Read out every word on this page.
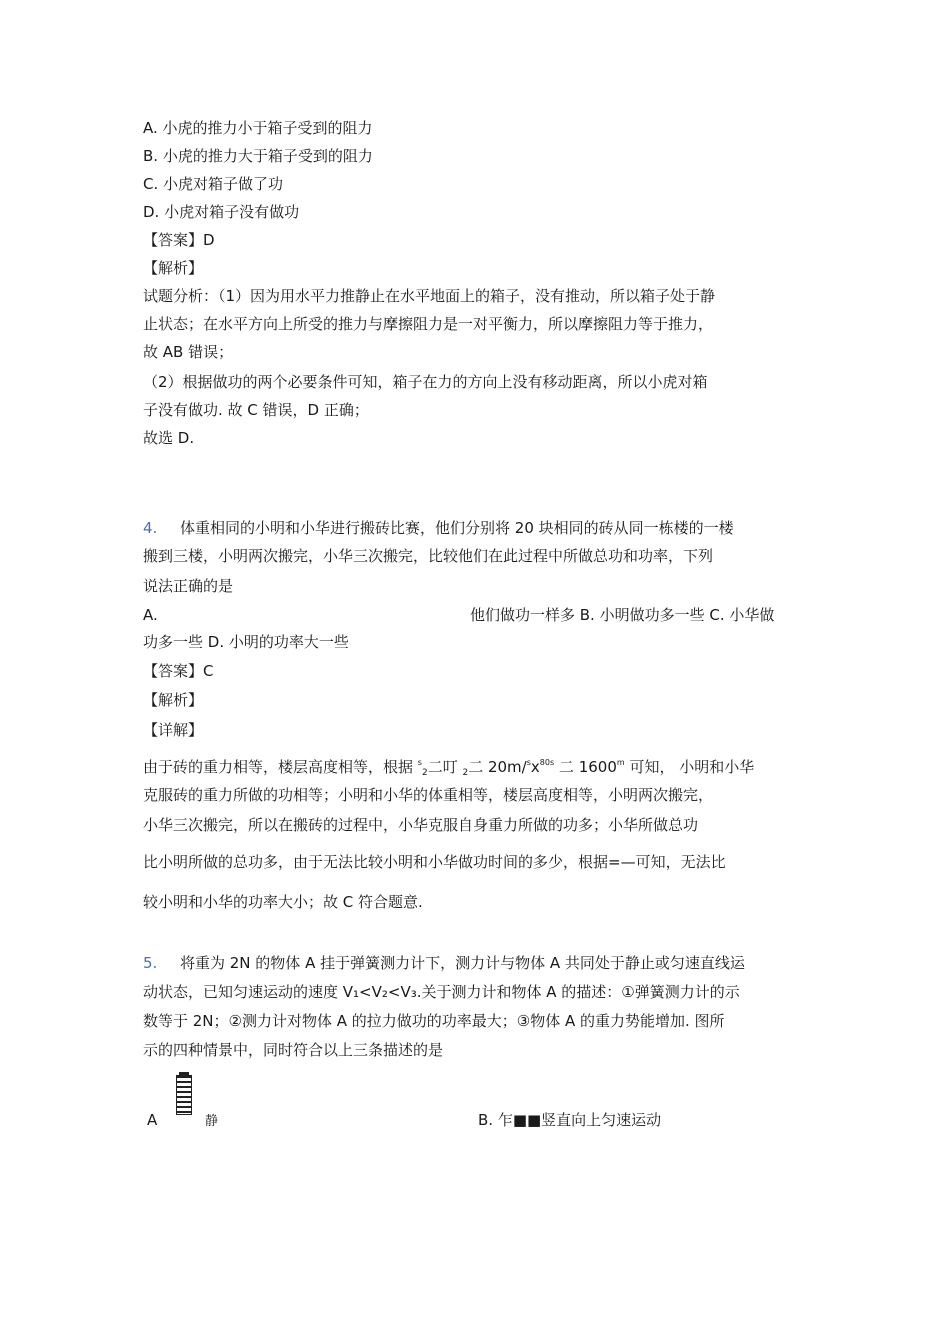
A. 小虎的推力小于箱子受到的阻力
B. 小虎的推力大于箱子受到的阻力
C. 小虎对箱子做了功
D. 小虎对箱子没有做功
【答案】D
【解析】
试题分析：（1）因为用水平力推静止在水平地面上的箱子，没有推动，所以箱子处于静
止状态；在水平方向上所受的推力与摩擦阻力是一对平衡力，所以摩擦阻力等于推力，
故 AB 错误；
（2）根据做功的两个必要条件可知，箱子在力的方向上没有移动距离，所以小虎对箱
子没有做功. 故 C 错误，D 正确；
故选 D.
4. 体重相同的小明和小华进行搬砖比赛，他们分别将 20 块相同的砖从同一栋楼的一楼
搬到三楼，小明两次搬完，小华三次搬完，比较他们在此过程中所做总功和功率，下列
说法正确的是
A.	他们做功一样多 B. 小明做功多一些 C. 小华做
功多一些 D. 小明的功率大一些
【答案】C
【解析】
【详解】
由于砖的重力相等，楼层高度相等，根据 $^s_2$二叮 $_2$二 $20m/^sx^{80s}$ 二 1600$^m$ 可知， 小明和小华
克服砖的重力所做的功相等；小明和小华的体重相等，楼层高度相等，小明两次搬完，
小华三次搬完，所以在搬砖的过程中，小华克服自身重力所做的功多；小华所做总功
比小明所做的总功多，由于无法比较小明和小华做功时间的多少，根据=—可知，无法比
较小明和小华的功率大小；故 C 符合题意.
5. 将重为 2N 的物体 A 挂于弹簧测力计下，测力计与物体 A 共同处于静止或匀速直线运
动状态，已知匀速运动的速度 V₁<V₂<V₃.关于测力计和物体 A 的描述：①弹簧测力计的示
数等于 2N；②测力计对物体 A 的拉力做功的功率最大；③物体 A 的重力势能增加. 图所
示的四种情景中，同时符合以上三条描述的是
A	静	B. 乍■■竖直向上匀速运动
